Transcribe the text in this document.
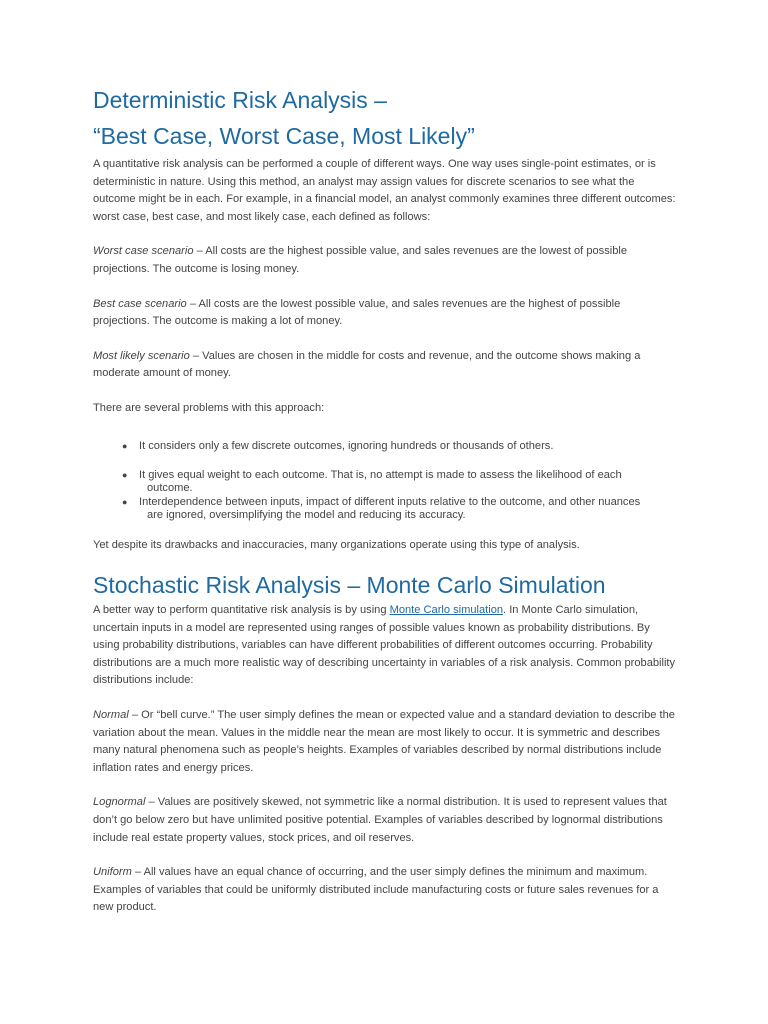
Deterministic Risk Analysis –
“Best Case, Worst Case, Most Likely”

A quantitative risk analysis can be performed a couple of different ways. One way uses single-point estimates, or is deterministic in nature. Using this method, an analyst may assign values for discrete scenarios to see what the outcome might be in each. For example, in a financial model, an analyst commonly examines three different outcomes: worst case, best case, and most likely case, each defined as follows:

Worst case scenario – All costs are the highest possible value, and sales revenues are the lowest of possible projections. The outcome is losing money.

Best case scenario – All costs are the lowest possible value, and sales revenues are the highest of possible projections. The outcome is making a lot of money.

Most likely scenario – Values are chosen in the middle for costs and revenue, and the outcome shows making a moderate amount of money.

There are several problems with this approach:

● It considers only a few discrete outcomes, ignoring hundreds or thousands of others.
● It gives equal weight to each outcome. That is, no attempt is made to assess the likelihood of each
outcome.
● Interdependence between inputs, impact of different inputs relative to the outcome, and other nuances
are ignored, oversimplifying the model and reducing its accuracy.

Yet despite its drawbacks and inaccuracies, many organizations operate using this type of analysis.

Stochastic Risk Analysis – Monte Carlo Simulation

A better way to perform quantitative risk analysis is by using Monte Carlo simulation. In Monte Carlo simulation, uncertain inputs in a model are represented using ranges of possible values known as probability distributions. By using probability distributions, variables can have different probabilities of different outcomes occurring. Probability distributions are a much more realistic way of describing uncertainty in variables of a risk analysis. Common probability distributions include:

Normal – Or “bell curve.” The user simply defines the mean or expected value and a standard deviation to describe the variation about the mean. Values in the middle near the mean are most likely to occur. It is symmetric and describes many natural phenomena such as people’s heights. Examples of variables described by normal distributions include inflation rates and energy prices.

Lognormal – Values are positively skewed, not symmetric like a normal distribution. It is used to represent values that don’t go below zero but have unlimited positive potential. Examples of variables described by lognormal distributions include real estate property values, stock prices, and oil reserves.

Uniform – All values have an equal chance of occurring, and the user simply defines the minimum and maximum. Examples of variables that could be uniformly distributed include manufacturing costs or future sales revenues for a new product.
